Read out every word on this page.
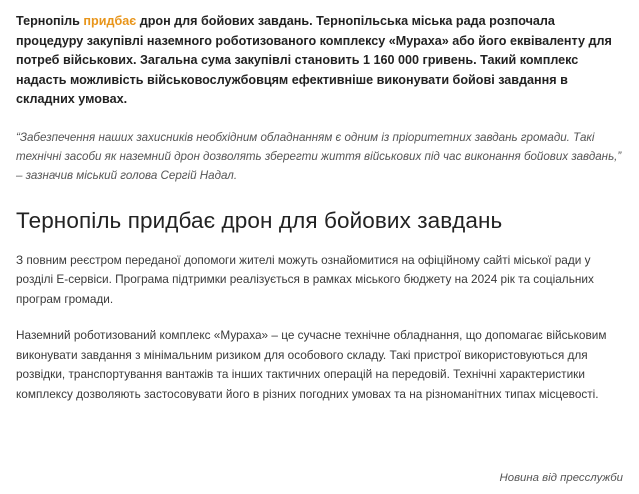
Тернопіль придбає дрон для бойових завдань. Тернопільська міська рада розпочала процедуру закупівлі наземного роботизованого комплексу «Мураха» або його еквіваленту для потреб військових. Загальна сума закупівлі становить 1 160 000 гривень. Такий комплекс надасть можливість військовослужбовцям ефективніше виконувати бойові завдання в складних умовах.

“Забезпечення наших захисників необхідним обладнанням є одним із пріоритетних завдань громади. Такі технічні засоби як наземний дрон дозволять зберегти життя військових під час виконання бойових завдань,” – зазначив міський голова Сергій Надал.

Тернопіль придбає дрон для бойових завдань

З повним реєстром переданої допомоги жителі можуть ознайомитися на офіційному сайті міської ради у розділі Е-сервіси. Програма підтримки реалізується в рамках міського бюджету на 2024 рік та соціальних програм громади.

Наземний роботизований комплекс «Мураха» – це сучасне технічне обладнання, що допомагає військовим виконувати завдання з мінімальним ризиком для особового складу. Такі пристрої використовуються для розвідки, транспортування вантажів та інших тактичних операцій на передовій. Технічні характеристики комплексу дозволяють застосовувати його в різних погодних умовах та на різноманітних типах місцевості.

Новина від пресслужби
